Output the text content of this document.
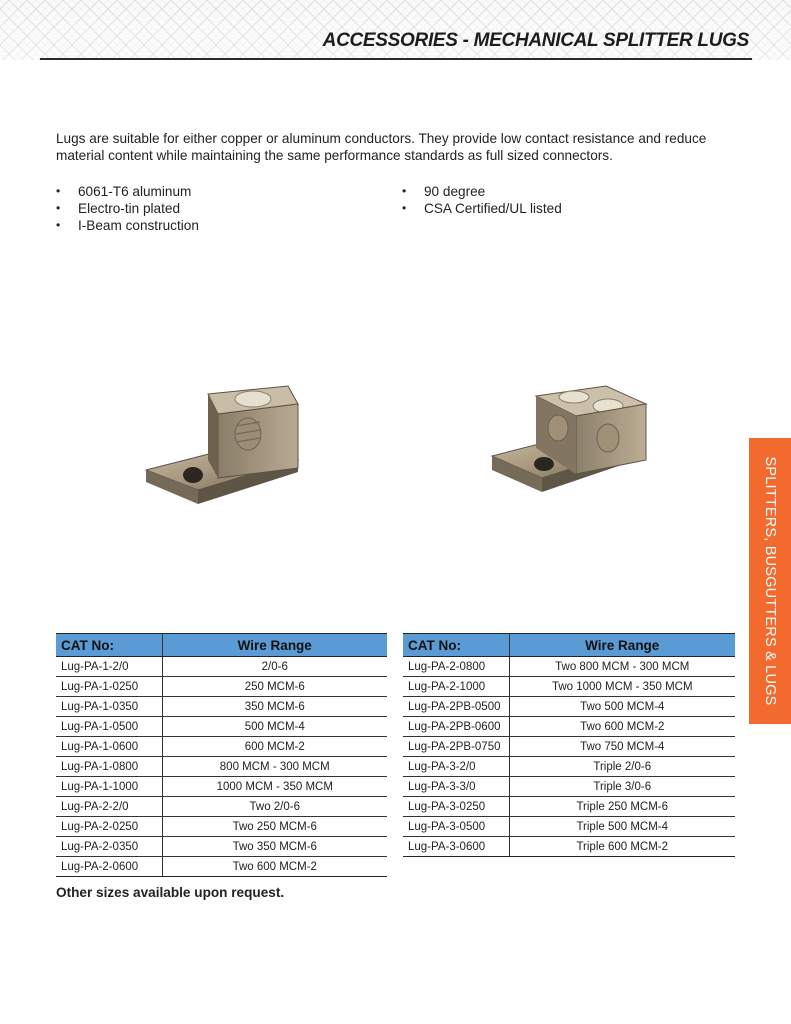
ACCESSORIES - MECHANICAL SPLITTER LUGS

Lugs are suitable for either copper or aluminum conductors. They provide low contact resistance and reduce material content while maintaining the same performance standards as full sized connectors.

• 6061-T6 aluminum
• Electro-tin plated
• I-Beam construction
• 90 degree
• CSA Certified/UL listed
SPLITTERS, BUSGUTTERS & LUGS
CAT No:	Wire Range
Lug-PA-1-2/0	2/0-6
Lug-PA-1-0250	250 MCM-6
Lug-PA-1-0350	350 MCM-6
Lug-PA-1-0500	500 MCM-4
Lug-PA-1-0600	600 MCM-2
Lug-PA-1-0800	800 MCM - 300 MCM
Lug-PA-1-1000	1000 MCM - 350 MCM
Lug-PA-2-2/0	Two 2/0-6
Lug-PA-2-0250	Two 250 MCM-6
Lug-PA-2-0350	Two 350 MCM-6
Lug-PA-2-0600	Two 600 MCM-2
CAT No:	Wire Range
Lug-PA-2-0800	Two 800 MCM - 300 MCM
Lug-PA-2-1000	Two 1000 MCM - 350 MCM
Lug-PA-2PB-0500	Two 500 MCM-4
Lug-PA-2PB-0600	Two 600 MCM-2
Lug-PA-2PB-0750	Two 750 MCM-4
Lug-PA-3-2/0	Triple 2/0-6
Lug-PA-3-3/0	Triple 3/0-6
Lug-PA-3-0250	Triple 250 MCM-6
Lug-PA-3-0500	Triple 500 MCM-4
Lug-PA-3-0600	Triple 600 MCM-2
Other sizes available upon request.
